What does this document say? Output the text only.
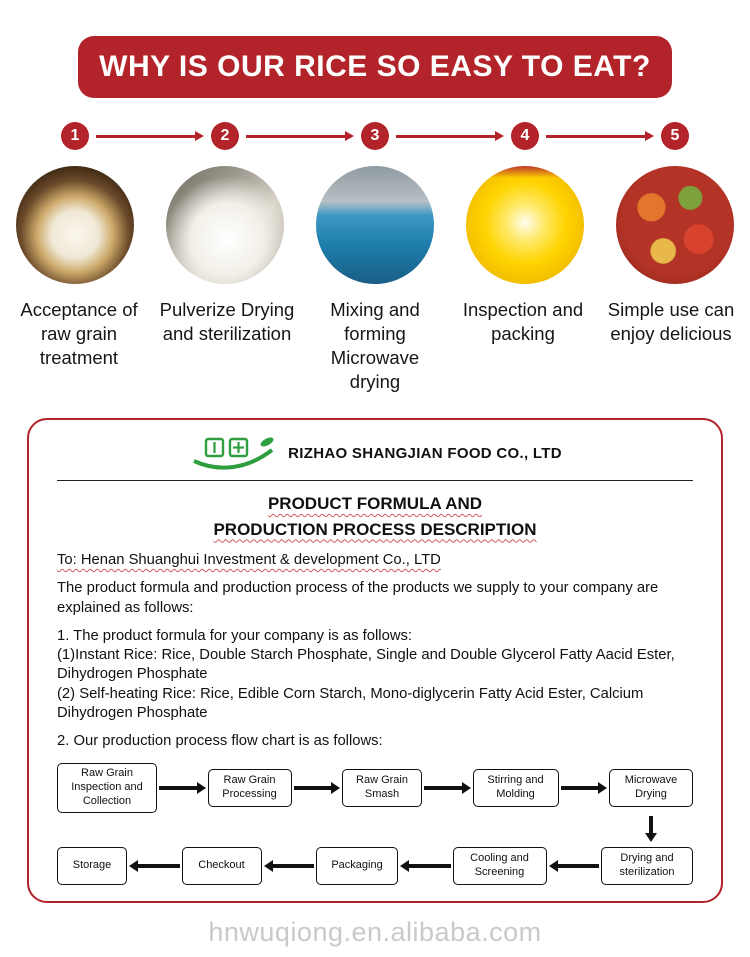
WHY IS OUR RICE SO EASY TO EAT?
1	2	3	4	5
Acceptance of raw grain treatment
Pulverize Drying and sterilization
Mixing and forming Microwave drying
Inspection and packing
Simple use can enjoy delicious
RIZHAO SHANGJIAN FOOD CO., LTD
PRODUCT FORMULA AND
PRODUCTION PROCESS DESCRIPTION
To: Henan Shuanghui Investment & development Co., LTD
The product formula and production process of the products we supply to your company are explained as follows:
1. The product formula for your company is as follows:
(1)Instant Rice: Rice, Double Starch Phosphate, Single and Double Glycerol Fatty Aacid Ester, Dihydrogen Phosphate
(2) Self-heating Rice: Rice, Edible Corn Starch, Mono-diglycerin Fatty Acid Ester, Calcium Dihydrogen Phosphate
2. Our production process flow chart is as follows:
Raw Grain Inspection and Collection
Raw Grain Processing
Raw Grain Smash
Stirring and Molding
Microwave Drying
Storage	Checkout	Packaging
Cooling and Screening
Drying and sterilization
hnwuqiong.en.alibaba.com
